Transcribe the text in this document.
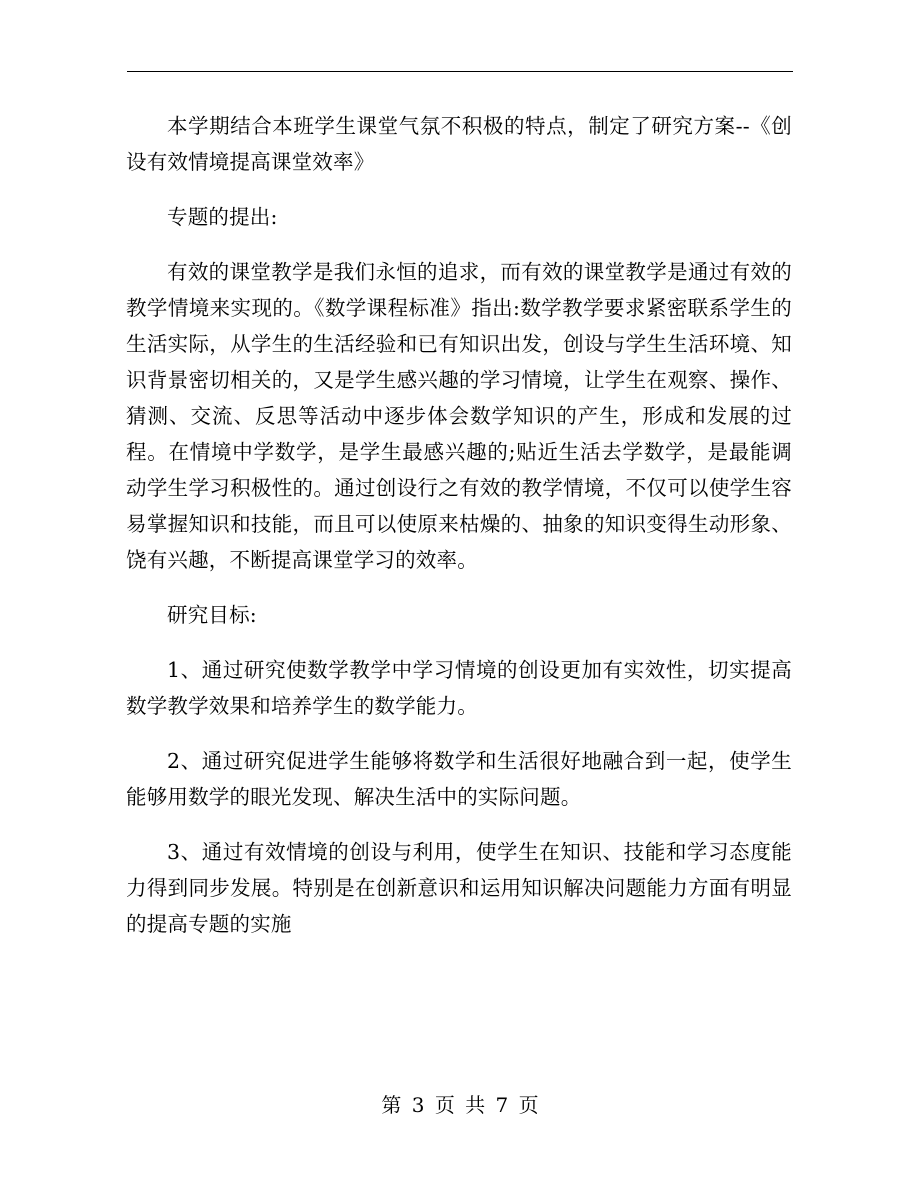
本学期结合本班学生课堂气氛不积极的特点，制定了研究方案--《创设有效情境提高课堂效率》

专题的提出:

有效的课堂教学是我们永恒的追求，而有效的课堂教学是通过有效的教学情境来实现的。《数学课程标准》指出:数学教学要求紧密联系学生的生活实际，从学生的生活经验和已有知识出发，创设与学生生活环境、知识背景密切相关的，又是学生感兴趣的学习情境，让学生在观察、操作、猜测、交流、反思等活动中逐步体会数学知识的产生，形成和发展的过程。在情境中学数学，是学生最感兴趣的;贴近生活去学数学，是最能调动学生学习积极性的。通过创设行之有效的教学情境，不仅可以使学生容易掌握知识和技能，而且可以使原来枯燥的、抽象的知识变得生动形象、饶有兴趣，不断提高课堂学习的效率。

研究目标:

1、通过研究使数学教学中学习情境的创设更加有实效性，切实提高数学教学效果和培养学生的数学能力。

2、通过研究促进学生能够将数学和生活很好地融合到一起，使学生能够用数学的眼光发现、解决生活中的实际问题。

3、通过有效情境的创设与利用，使学生在知识、技能和学习态度能力得到同步发展。特别是在创新意识和运用知识解决问题能力方面有明显的提高专题的实施

第 3 页 共 7 页
